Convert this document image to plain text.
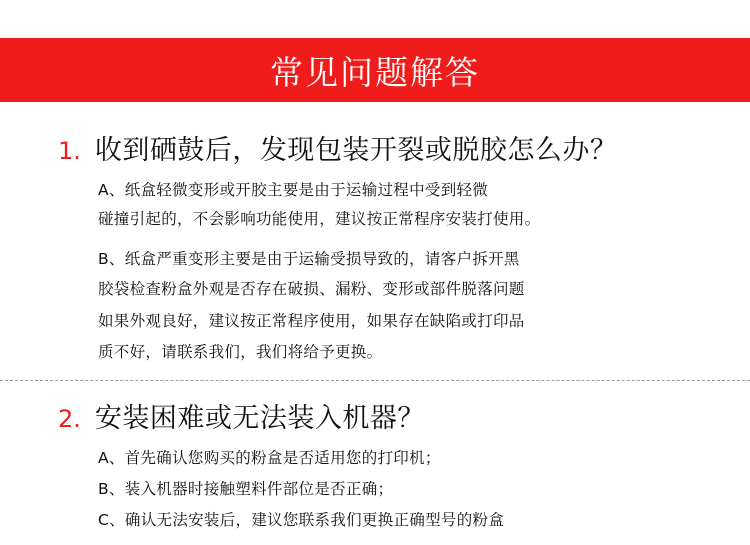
常见问题解答
1. 收到硒鼓后，发现包装开裂或脱胶怎么办？
A、纸盒轻微变形或开胶主要是由于运输过程中受到轻微
碰撞引起的，不会影响功能使用，建议按正常程序安装打使用。
B、纸盒严重变形主要是由于运输受损导致的，请客户拆开黑
胶袋检查粉盒外观是否存在破损、漏粉、变形或部件脱落问题
如果外观良好，建议按正常程序使用，如果存在缺陷或打印品
质不好，请联系我们，我们将给予更换。
2. 安装困难或无法装入机器？
A、首先确认您购买的粉盒是否适用您的打印机；
B、装入机器时接触塑料件部位是否正确；
C、确认无法安装后，建议您联系我们更换正确型号的粉盒
